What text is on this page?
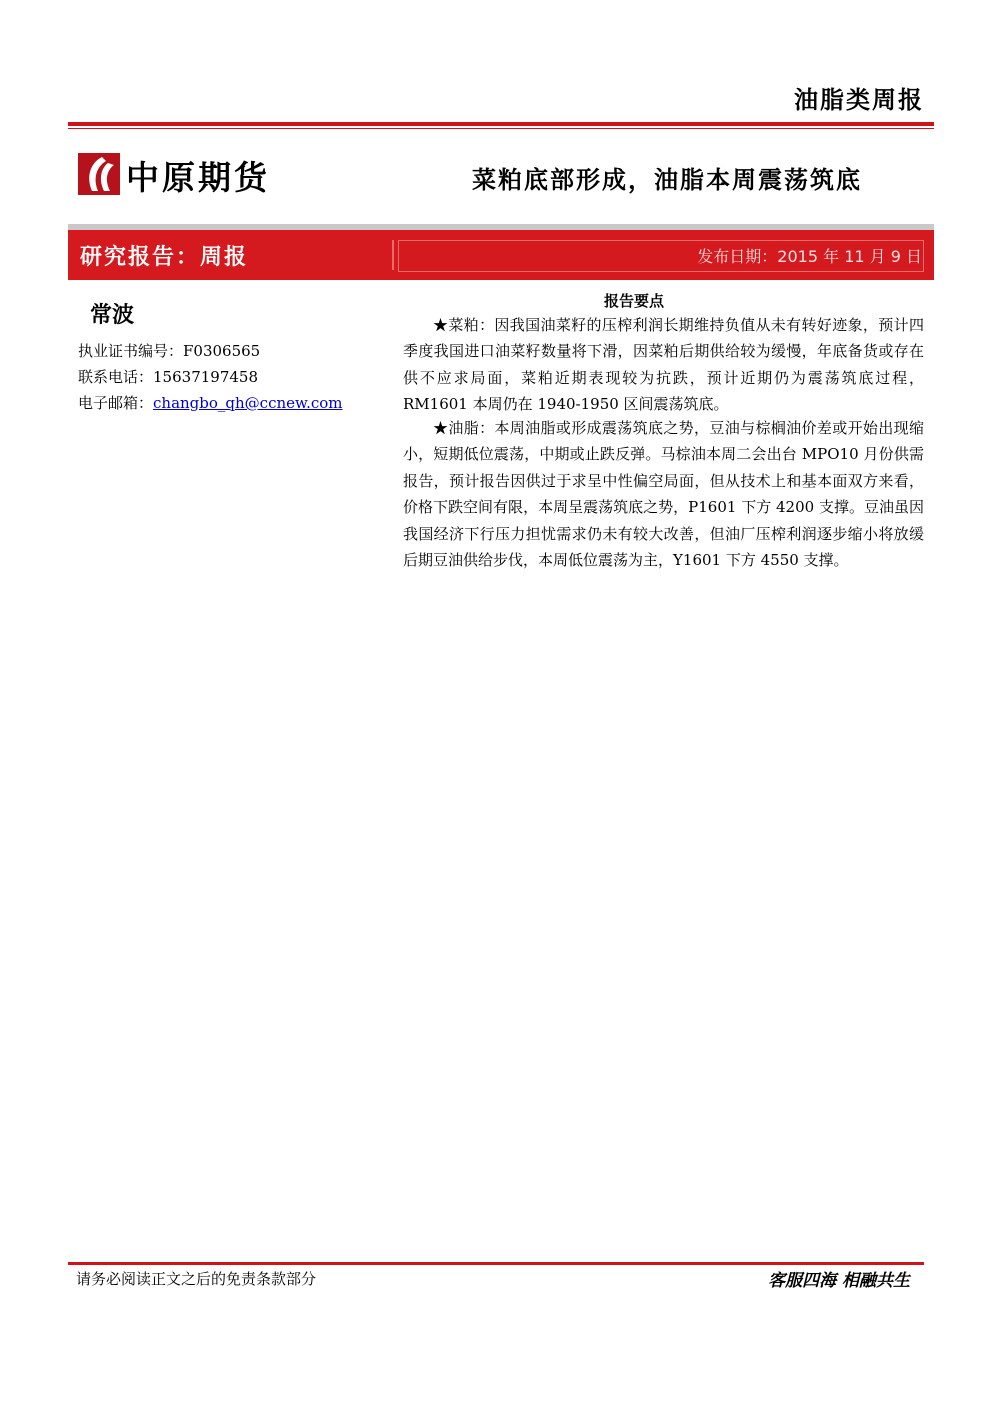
油脂类周报
中原期货	菜粕底部形成，油脂本周震荡筑底
研究报告：周报	发布日期：2015 年 11 月 9 日
常波
执业证书编号：F0306565
联系电话：15637197458
电子邮箱：changbo_qh@ccnew.com
报告要点

★菜粕：因我国油菜籽的压榨利润长期维持负值从未有转好迹象，预计四季度我国进口油菜籽数量将下滑，因菜粕后期供给较为缓慢，年底备货或存在供不应求局面，菜粕近期表现较为抗跌，预计近期仍为震荡筑底过程，RM1601 本周仍在 1940-1950 区间震荡筑底。

★油脂：本周油脂或形成震荡筑底之势，豆油与棕榈油价差或开始出现缩小，短期低位震荡，中期或止跌反弹。马棕油本周二会出台 MPO10 月份供需报告，预计报告因供过于求呈中性偏空局面，但从技术上和基本面双方来看，价格下跌空间有限，本周呈震荡筑底之势，P1601 下方 4200 支撑。豆油虽因我国经济下行压力担忧需求仍未有较大改善，但油厂压榨利润逐步缩小将放缓后期豆油供给步伐，本周低位震荡为主，Y1601 下方 4550 支撑。

请务必阅读正文之后的免责条款部分	客服四海 相融共生
